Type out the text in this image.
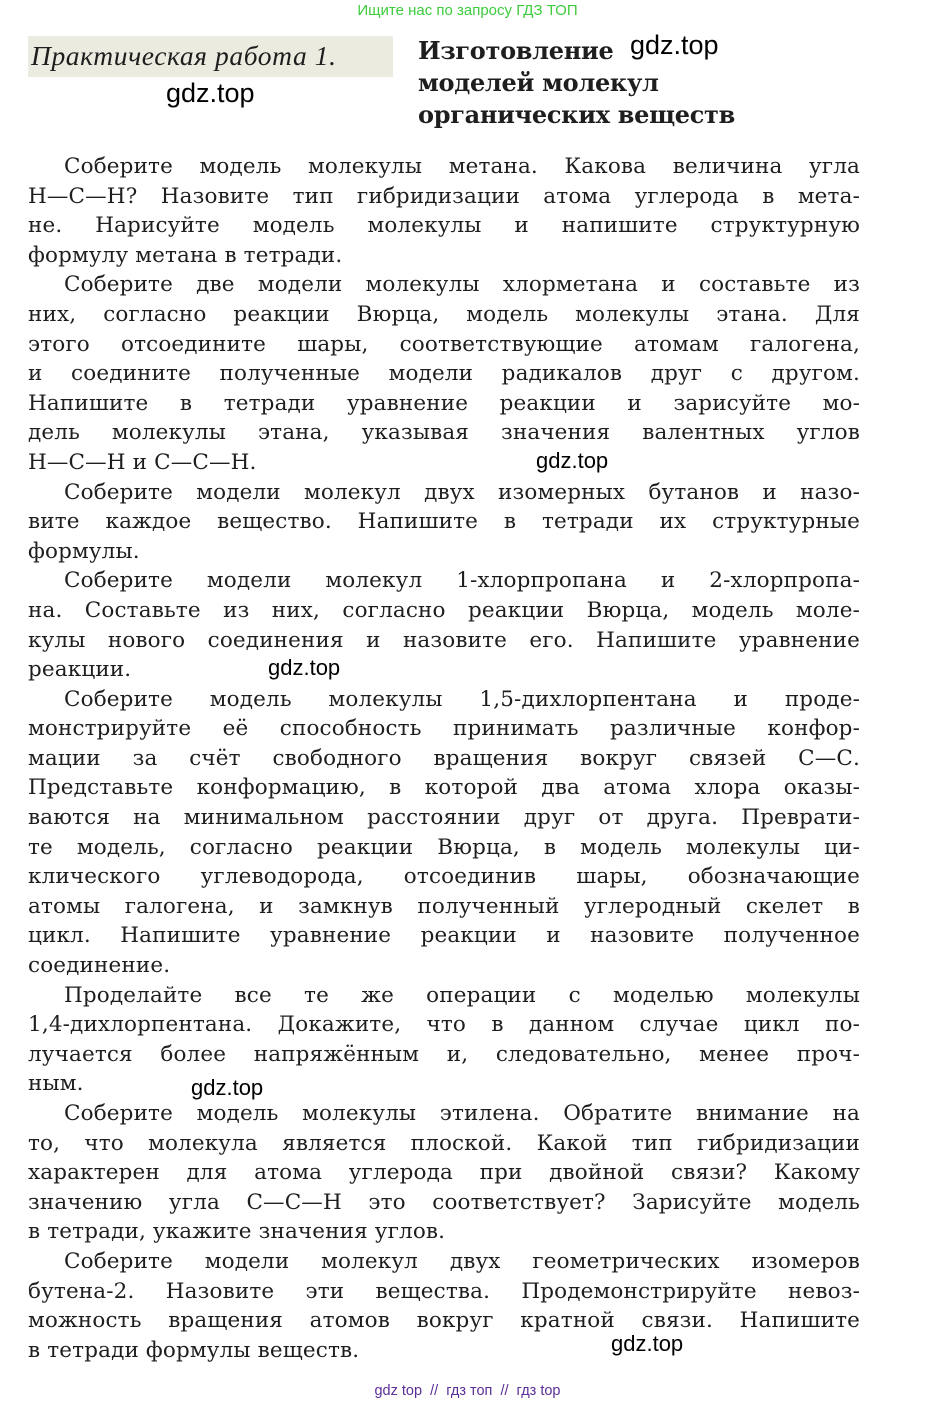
Ищите нас по запросу ГДЗ ТОП
Практическая работа 1.	Изготовление
моделей молекул
органических веществ
Соберите модель молекулы метана. Какова величина угла
Н—С—Н? Назовите тип гибридизации атома углерода в мета-
не. Нарисуйте модель молекулы и напишите структурную
формулу метана в тетради.
Соберите две модели молекулы хлорметана и составьте из
них, согласно реакции Вюрца, модель молекулы этана. Для
этого отсоедините шары, соответствующие атомам галогена,
и соедините полученные модели радикалов друг с другом.
Напишите в тетради уравнение реакции и зарисуйте мо-
дель молекулы этана, указывая значения валентных углов
Н—С—Н и С—С—Н.
Соберите модели молекул двух изомерных бутанов и назо-
вите каждое вещество. Напишите в тетради их структурные
формулы.
Соберите модели молекул 1-хлорпропана и 2-хлорпропа-
на. Составьте из них, согласно реакции Вюрца, модель моле-
кулы нового соединения и назовите его. Напишите уравнение
реакции.
Соберите модель молекулы 1,5-дихлорпентана и проде-
монстрируйте её способность принимать различные конфор-
мации за счёт свободного вращения вокруг связей С—С.
Представьте конформацию, в которой два атома хлора оказы-
ваются на минимальном расстоянии друг от друга. Преврати-
те модель, согласно реакции Вюрца, в модель молекулы ци-
клического углеводорода, отсоединив шары, обозначающие
атомы галогена, и замкнув полученный углеродный скелет в
цикл. Напишите уравнение реакции и назовите полученное
соединение.
Проделайте все те же операции с моделью молекулы
1,4-дихлорпентана. Докажите, что в данном случае цикл по-
лучается более напряжённым и, следовательно, менее проч-
ным.
Соберите модель молекулы этилена. Обратите внимание на
то, что молекула является плоской. Какой тип гибридизации
характерен для атома углерода при двойной связи? Какому
значению угла С—С—Н это соответствует? Зарисуйте модель
в тетради, укажите значения углов.
Соберите модели молекул двух геометрических изомеров
бутена-2. Назовите эти вещества. Продемонстрируйте невоз-
можность вращения атомов вокруг кратной связи. Напишите
в тетради формулы веществ.
gdz.top
gdz.top
gdz.top
gdz.top
gdz.top
gdz.top
gdz top  //  гдз топ  //  гдз top
